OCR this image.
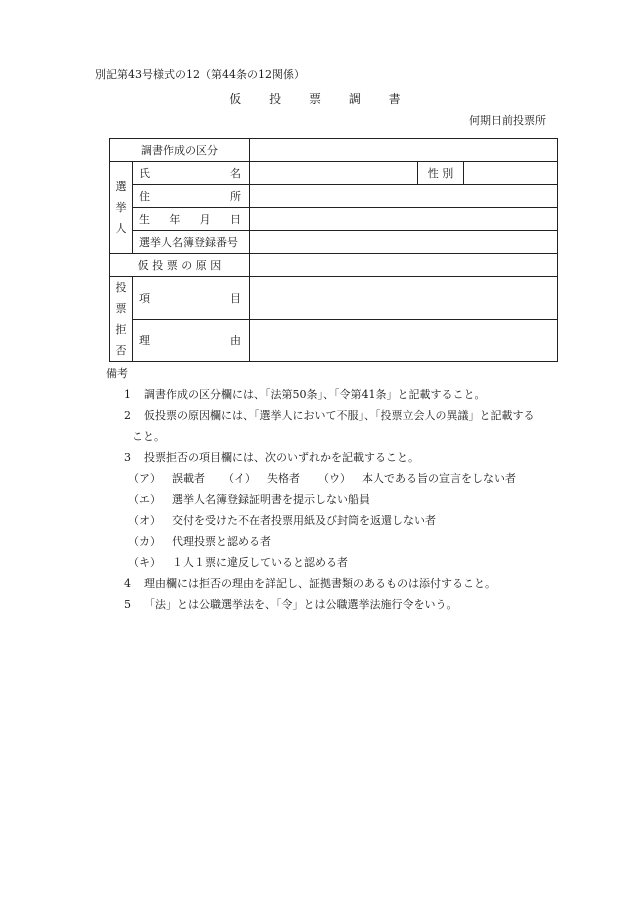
別記第43号様式の12（第44条の12関係）
仮 投 票 調 書
何期日前投票所
調書作成の区分				
選挙人	氏 名		性 別	

	住 所			

	生 年 月 日			

	選挙人名簿登録番号			
仮 投 票 の 原 因				
投票拒否	項 目			

	理 由			

備考
1 調書作成の区分欄には、「法第50条」、「令第41条」と記載すること。
2 仮投票の原因欄には、「選挙人において不服」、「投票立会人の異議」と記載する
こと。
3 投票拒否の項目欄には、次のいずれかを記載すること。
（ア） 誤載者 （イ） 失格者 （ウ） 本人である旨の宣言をしない者
（エ） 選挙人名簿登録証明書を提示しない船員
（オ） 交付を受けた不在者投票用紙及び封筒を返還しない者
（カ） 代理投票と認める者
（キ） １人１票に違反していると認める者
4 理由欄には拒否の理由を詳記し、証拠書類のあるものは添付すること。
5 「法」とは公職選挙法を、「令」とは公職選挙法施行令をいう。
